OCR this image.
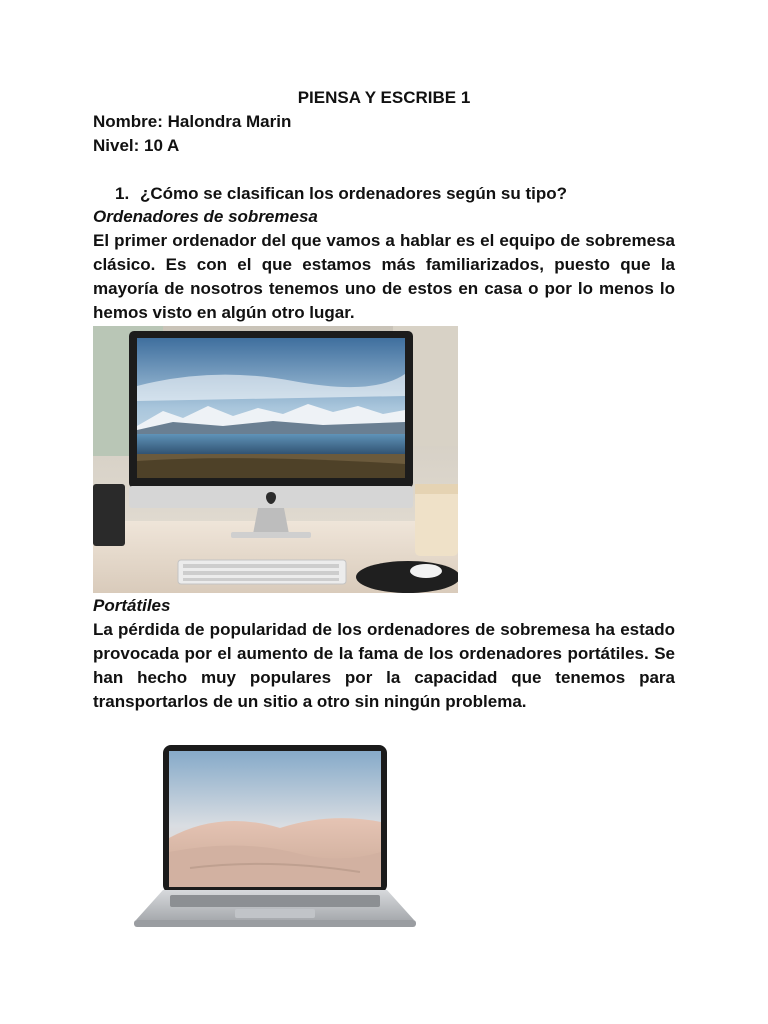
PIENSA Y ESCRIBE 1

Nombre: Halondra Marin

Nivel: 10 A

1. ¿Cómo se clasifican los ordenadores según su tipo?

Ordenadores de sobremesa

El primer ordenador del que vamos a hablar es el equipo de sobremesa clásico. Es con el que estamos más familiarizados, puesto que la mayoría de nosotros tenemos uno de estos en casa o por lo menos lo hemos visto en algún otro lugar.

Portátiles

La pérdida de popularidad de los ordenadores de sobremesa ha estado provocada por el aumento de la fama de los ordenadores portátiles. Se han hecho muy populares por la capacidad que tenemos para transportarlos de un sitio a otro sin ningún problema.
